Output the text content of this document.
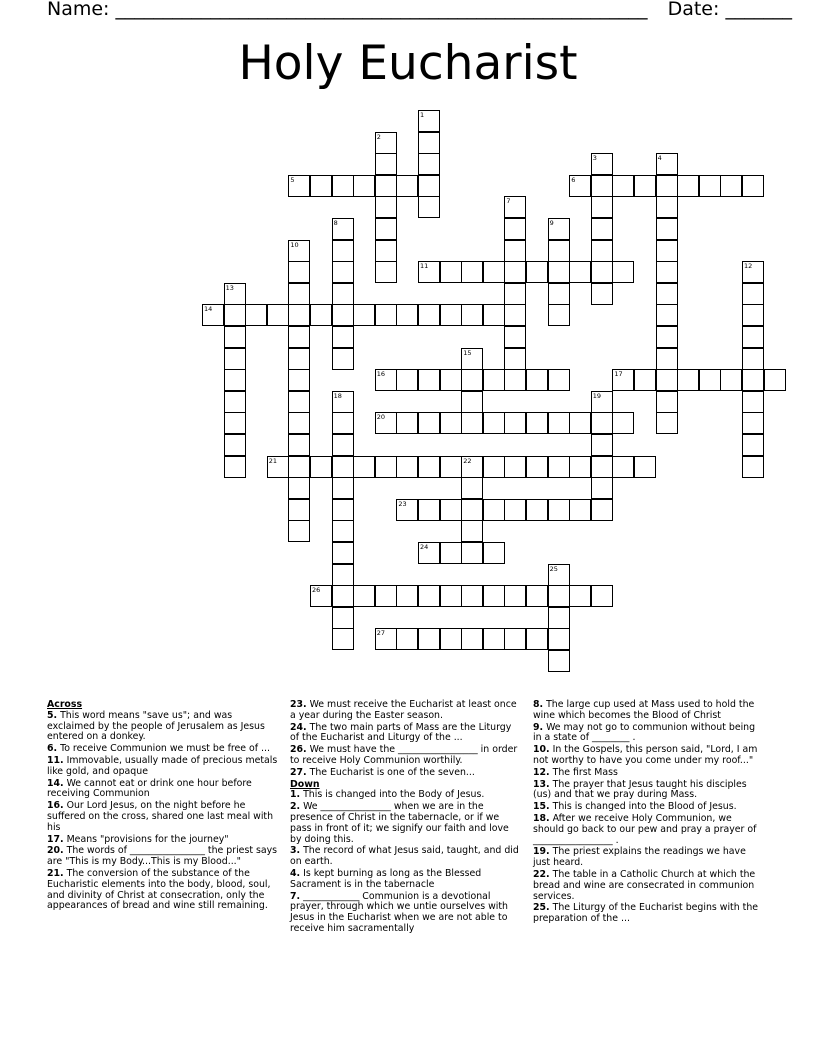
Name: ________________________________________________________ Date: _______
Holy Eucharist
1
2
3	4
5	6
7
8	9
10
11	12
13
14
15
16	17
18	19
20
21	22
23
24
25
26
27

Across

5. This word means "save us"; and was exclaimed by the people of Jerusalem as Jesus entered on a donkey.

6. To receive Communion we must be free of ...

11. Immovable, usually made of precious metals like gold, and opaque

14. We cannot eat or drink one hour before receiving Communion

16. Our Lord Jesus, on the night before he suffered on the cross, shared one last meal with his

17. Means "provisions for the journey"

20. The words of ________________ the priest says are "This is my Body...This is my Blood..."

21. The conversion of the substance of the Eucharistic elements into the body, blood, soul, and divinity of Christ at consecration, only the appearances of bread and wine still remaining.

23. We must receive the Eucharist at least once a year during the Easter season.

24. The two main parts of Mass are the Liturgy of the Eucharist and Liturgy of the ...

26. We must have the _________________ in order to receive Holy Communion worthily.

27. The Eucharist is one of the seven...

Down

1. This is changed into the Body of Jesus.

2. We _______________ when we are in the presence of Christ in the tabernacle, or if we pass in front of it; we signify our faith and love by doing this.

3. The record of what Jesus said, taught, and did on earth.

4. Is kept burning as long as the Blessed Sacrament is in the tabernacle

7. ____________ Communion is a devotional prayer, through which we untie ourselves with Jesus in the Eucharist when we are not able to receive him sacramentally

8. The large cup used at Mass used to hold the wine which becomes the Blood of Christ

9. We may not go to communion without being in a state of ________ .

10. In the Gospels, this person said, "Lord, I am not worthy to have you come under my roof..."

12. The first Mass

13. The prayer that Jesus taught his disciples (us) and that we pray during Mass.

15. This is changed into the Blood of Jesus.

18. After we receive Holy Communion, we should go back to our pew and pray a prayer of _________________ .

19. The priest explains the readings we have just heard.

22. The table in a Catholic Church at which the bread and wine are consecrated in communion services.

25. The Liturgy of the Eucharist begins with the preparation of the ...
